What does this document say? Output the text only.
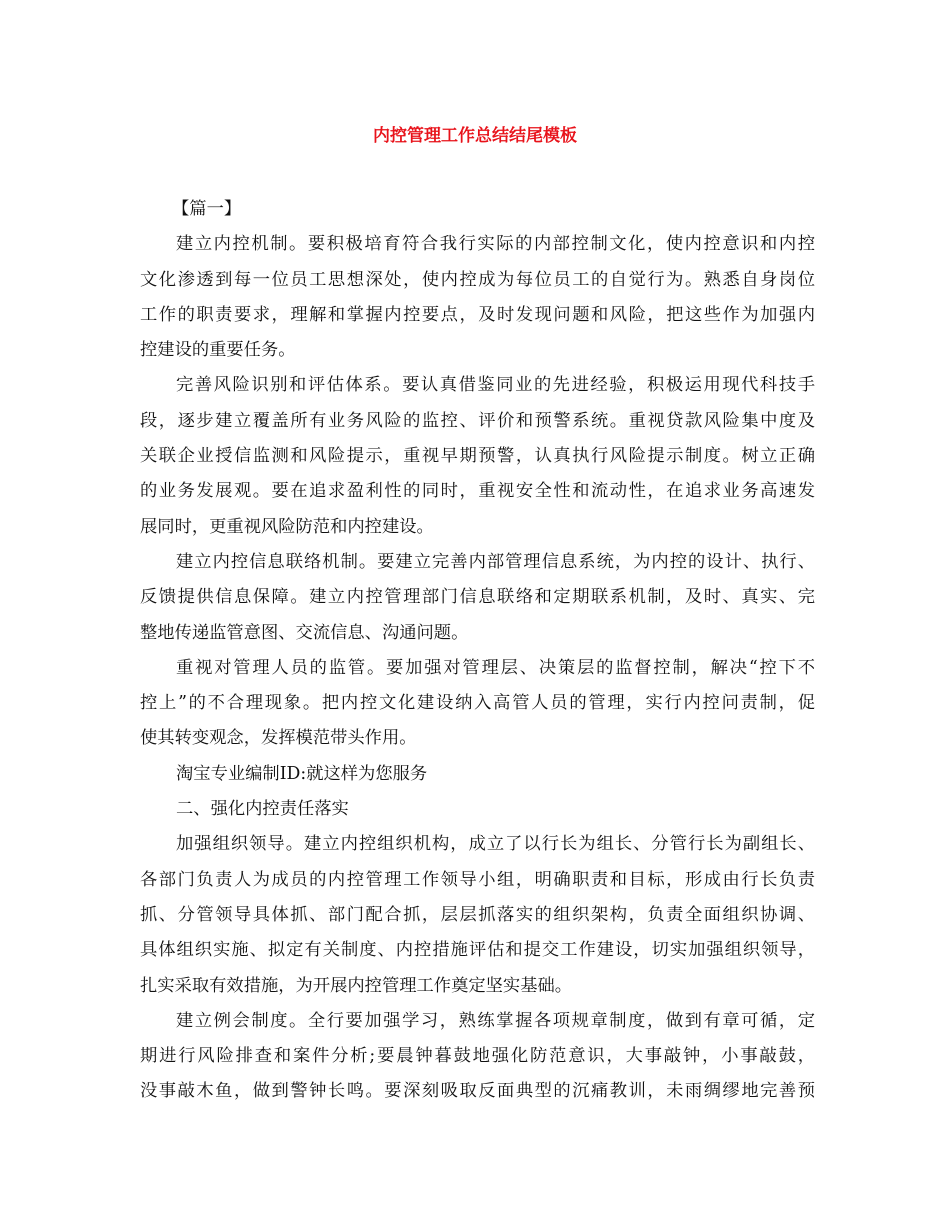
内控管理工作总结结尾模板
【篇一】
建立内控机制。要积极培育符合我行实际的内部控制文化，使内控意识和内控
文化渗透到每一位员工思想深处，使内控成为每位员工的自觉行为。熟悉自身岗位
工作的职责要求，理解和掌握内控要点，及时发现问题和风险，把这些作为加强内
控建设的重要任务。
完善风险识别和评估体系。要认真借鉴同业的先进经验，积极运用现代科技手
段，逐步建立覆盖所有业务风险的监控、评价和预警系统。重视贷款风险集中度及
关联企业授信监测和风险提示，重视早期预警，认真执行风险提示制度。树立正确
的业务发展观。要在追求盈利性的同时，重视安全性和流动性，在追求业务高速发
展同时，更重视风险防范和内控建设。
建立内控信息联络机制。要建立完善内部管理信息系统，为内控的设计、执行、
反馈提供信息保障。建立内控管理部门信息联络和定期联系机制，及时、真实、完
整地传递监管意图、交流信息、沟通问题。
重视对管理人员的监管。要加强对管理层、决策层的监督控制，解决“控下不
控上”的不合理现象。把内控文化建设纳入高管人员的管理，实行内控问责制，促
使其转变观念，发挥模范带头作用。
淘宝专业编制ID:就这样为您服务
二、强化内控责任落实
加强组织领导。建立内控组织机构，成立了以行长为组长、分管行长为副组长、
各部门负责人为成员的内控管理工作领导小组，明确职责和目标，形成由行长负责
抓、分管领导具体抓、部门配合抓，层层抓落实的组织架构，负责全面组织协调、
具体组织实施、拟定有关制度、内控措施评估和提交工作建设，切实加强组织领导，
扎实采取有效措施，为开展内控管理工作奠定坚实基础。
建立例会制度。全行要加强学习，熟练掌握各项规章制度，做到有章可循，定
期进行风险排查和案件分析;要晨钟暮鼓地强化防范意识，大事敲钟，小事敲鼓，
没事敲木鱼，做到警钟长鸣。要深刻吸取反面典型的沉痛教训，未雨绸缪地完善预
